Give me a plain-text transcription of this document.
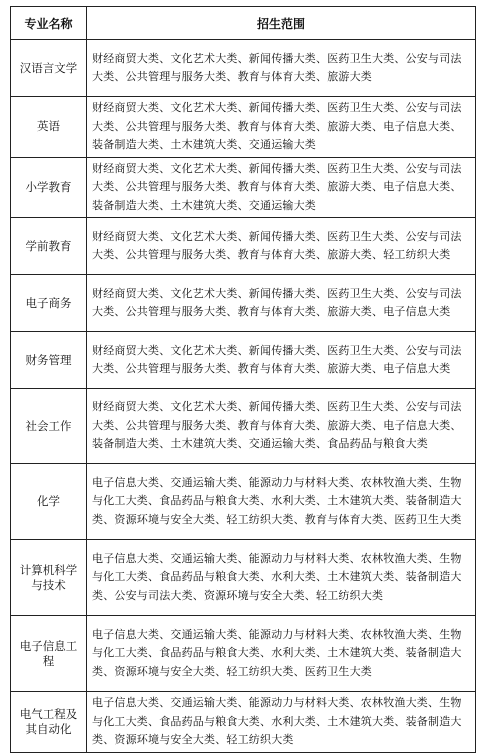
专业名称	招生范围
汉语言文学	财经商贸大类、文化艺术大类、新闻传播大类、医药卫生大类、公安与司法大类、公共管理与服务大类、教育与体育大类、旅游大类
英语	财经商贸大类、文化艺术大类、新闻传播大类、医药卫生大类、公安与司法大类、公共管理与服务大类、教育与体育大类、旅游大类、电子信息大类、装备制造大类、土木建筑大类、交通运输大类
小学教育	财经商贸大类、文化艺术大类、新闻传播大类、医药卫生大类、公安与司法大类、公共管理与服务大类、教育与体育大类、旅游大类、电子信息大类、装备制造大类、土木建筑大类、交通运输大类
学前教育	财经商贸大类、文化艺术大类、新闻传播大类、医药卫生大类、公安与司法大类、公共管理与服务大类、教育与体育大类、旅游大类、轻工纺织大类
电子商务	财经商贸大类、文化艺术大类、新闻传播大类、医药卫生大类、公安与司法大类、公共管理与服务大类、教育与体育大类、旅游大类、电子信息大类
财务管理	财经商贸大类、文化艺术大类、新闻传播大类、医药卫生大类、公安与司法大类、公共管理与服务大类、教育与体育大类、旅游大类、电子信息大类
社会工作	财经商贸大类、文化艺术大类、新闻传播大类、医药卫生大类、公安与司法大类、公共管理与服务大类、教育与体育大类、旅游大类、电子信息大类、装备制造大类、土木建筑大类、交通运输大类、食品药品与粮食大类
化学	电子信息大类、交通运输大类、能源动力与材料大类、农林牧渔大类、生物与化工大类、食品药品与粮食大类、水利大类、土木建筑大类、装备制造大类、资源环境与安全大类、轻工纺织大类、教育与体育大类、医药卫生大类
计算机科学与技术	电子信息大类、交通运输大类、能源动力与材料大类、农林牧渔大类、生物与化工大类、食品药品与粮食大类、水利大类、土木建筑大类、装备制造大类、公安与司法大类、资源环境与安全大类、轻工纺织大类
电子信息工程	电子信息大类、交通运输大类、能源动力与材料大类、农林牧渔大类、生物与化工大类、食品药品与粮食大类、水利大类、土木建筑大类、装备制造大类、资源环境与安全大类、轻工纺织大类、医药卫生大类
电气工程及其自动化	电子信息大类、交通运输大类、能源动力与材料大类、农林牧渔大类、生物与化工大类、食品药品与粮食大类、水利大类、土木建筑大类、装备制造大类、资源环境与安全大类、轻工纺织大类
